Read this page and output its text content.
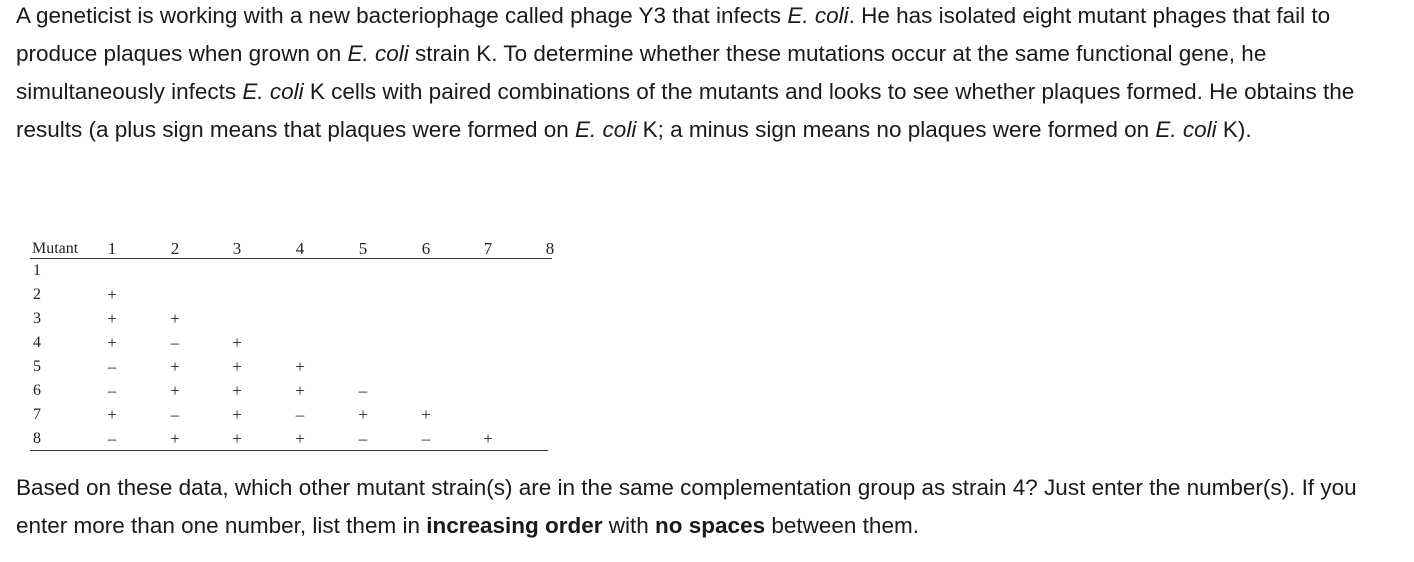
A geneticist is working with a new bacteriophage called phage Y3 that infects E. coli. He has isolated eight mutant phages that fail to produce plaques when grown on E. coli strain K. To determine whether these mutations occur at the same functional gene, he simultaneously infects E. coli K cells with paired combinations of the mutants and looks to see whether plaques formed. He obtains the results (a plus sign means that plaques were formed on E. coli K; a minus sign means no plaques were formed on E. coli K).

Mutant 1	2	3	4	5	6	7	8
1
2	+
3	+	+
4	+	–	+
5	–	+	+	+
6	–	+	+	+	–
7	+	–	+	–	+	+
8	–	+	+	+	–	–	+

Based on these data, which other mutant strain(s) are in the same complementation group as strain 4? Just enter the number(s). If you enter more than one number, list them in increasing order with no spaces between them.
